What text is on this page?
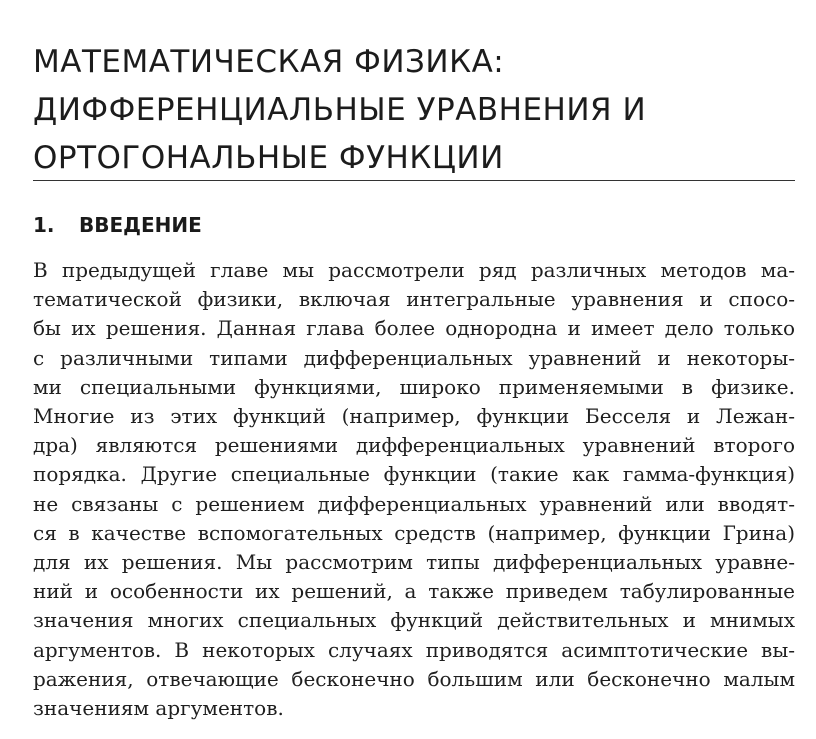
МАТЕМАТИЧЕСКАЯ ФИЗИКА:
ДИФФЕРЕНЦИАЛЬНЫЕ УРАВНЕНИЯ И
ОРТОГОНАЛЬНЫЕ ФУНКЦИИ
1. ВВЕДЕНИЕ
В предыдущей главе мы рассмотрели ряд различных методов ма-
тематической физики, включая интегральные уравнения и спосо-
бы их решения. Данная глава более однородна и имеет дело только
с различными типами дифференциальных уравнений и некоторы-
ми специальными функциями, широко применяемыми в физике.
Многие из этих функций (например, функции Бесселя и Лежан-
дра) являются решениями дифференциальных уравнений второго
порядка. Другие специальные функции (такие как гамма-функция)
не связаны с решением дифференциальных уравнений или вводят-
ся в качестве вспомогательных средств (например, функции Грина)
для их решения. Мы рассмотрим типы дифференциальных уравне-
ний и особенности их решений, а также приведем табулированные
значения многих специальных функций действительных и мнимых
аргументов. В некоторых случаях приводятся асимптотические вы-
ражения, отвечающие бесконечно большим или бесконечно малым
значениям аргументов.
